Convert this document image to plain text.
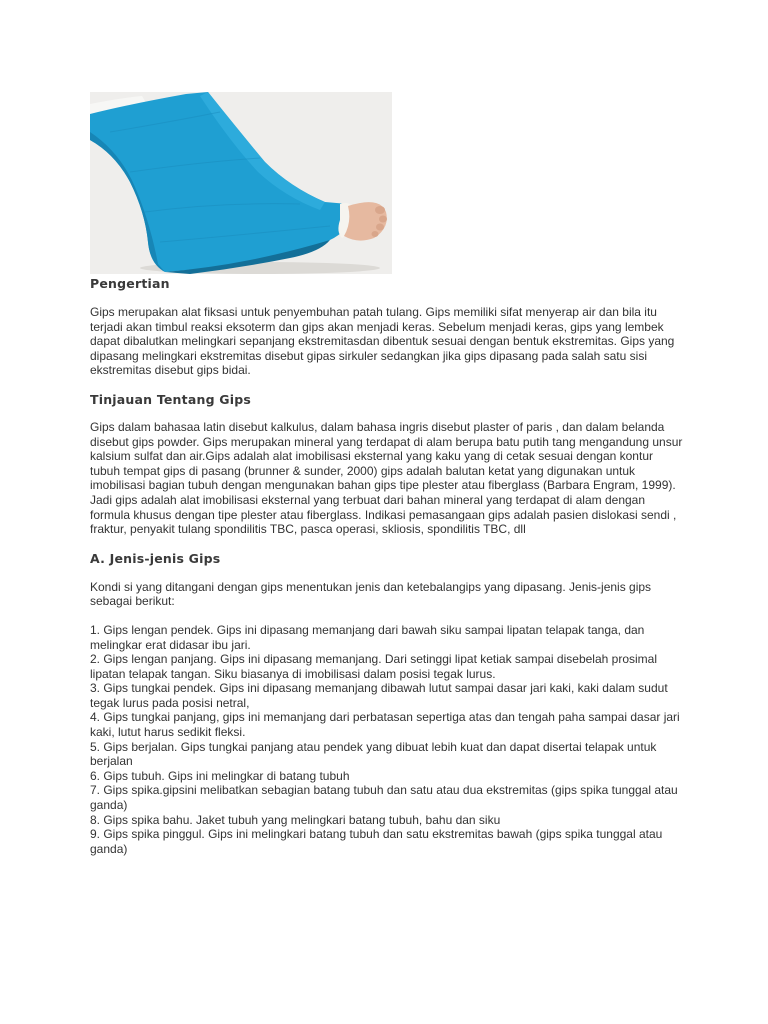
Pengertian

Gips merupakan alat fiksasi untuk penyembuhan patah tulang. Gips memiliki sifat menyerap air dan bila itu terjadi akan timbul reaksi eksoterm dan gips akan menjadi keras. Sebelum menjadi keras, gips yang lembek dapat dibalutkan melingkari sepanjang ekstremitasdan dibentuk sesuai dengan bentuk ekstremitas. Gips yang dipasang melingkari ekstremitas disebut gipas sirkuler sedangkan jika gips dipasang pada salah satu sisi ekstremitas disebut gips bidai.

Tinjauan Tentang Gips

Gips dalam bahasaa latin disebut kalkulus, dalam bahasa ingris disebut plaster of paris , dan dalam belanda disebut gips powder. Gips merupakan mineral yang terdapat di alam berupa batu putih tang mengandung unsur kalsium sulfat dan air.Gips adalah alat imobilisasi eksternal yang kaku yang di cetak sesuai dengan kontur tubuh tempat gips di pasang (brunner & sunder, 2000) gips adalah balutan ketat yang digunakan untuk imobilisasi bagian tubuh dengan mengunakan bahan gips tipe plester atau fiberglass (Barbara Engram, 1999). Jadi gips adalah alat imobilisasi eksternal yang terbuat dari bahan mineral yang terdapat di alam dengan formula khusus dengan tipe plester atau fiberglass. Indikasi pemasangaan gips adalah pasien dislokasi sendi , fraktur, penyakit tulang spondilitis TBC, pasca operasi, skliosis, spondilitis TBC, dll

A. Jenis-jenis Gips

Kondi si yang ditangani dengan gips menentukan jenis dan ketebalangips yang dipasang. Jenis-jenis gips sebagai berikut:

1. Gips lengan pendek. Gips ini dipasang memanjang dari bawah siku sampai lipatan telapak tanga, dan melingkar erat didasar ibu jari.

2. Gips lengan panjang. Gips ini dipasang memanjang. Dari setinggi lipat ketiak sampai disebelah prosimal lipatan telapak tangan. Siku biasanya di imobilisasi dalam posisi tegak lurus.

3. Gips tungkai pendek. Gips ini dipasang memanjang dibawah lutut sampai dasar jari kaki, kaki dalam sudut tegak lurus pada posisi netral,

4. Gips tungkai panjang, gips ini memanjang dari perbatasan sepertiga atas dan tengah paha sampai dasar jari kaki, lutut harus sedikit fleksi.

5. Gips berjalan. Gips tungkai panjang atau pendek yang dibuat lebih kuat dan dapat disertai telapak untuk berjalan

6. Gips tubuh. Gips ini melingkar di batang tubuh

7. Gips spika.gipsini melibatkan sebagian batang tubuh dan satu atau dua ekstremitas (gips spika tunggal atau ganda)

8. Gips spika bahu. Jaket tubuh yang melingkari batang tubuh, bahu dan siku

9. Gips spika pinggul. Gips ini melingkari batang tubuh dan satu ekstremitas bawah (gips spika tunggal atau ganda)
